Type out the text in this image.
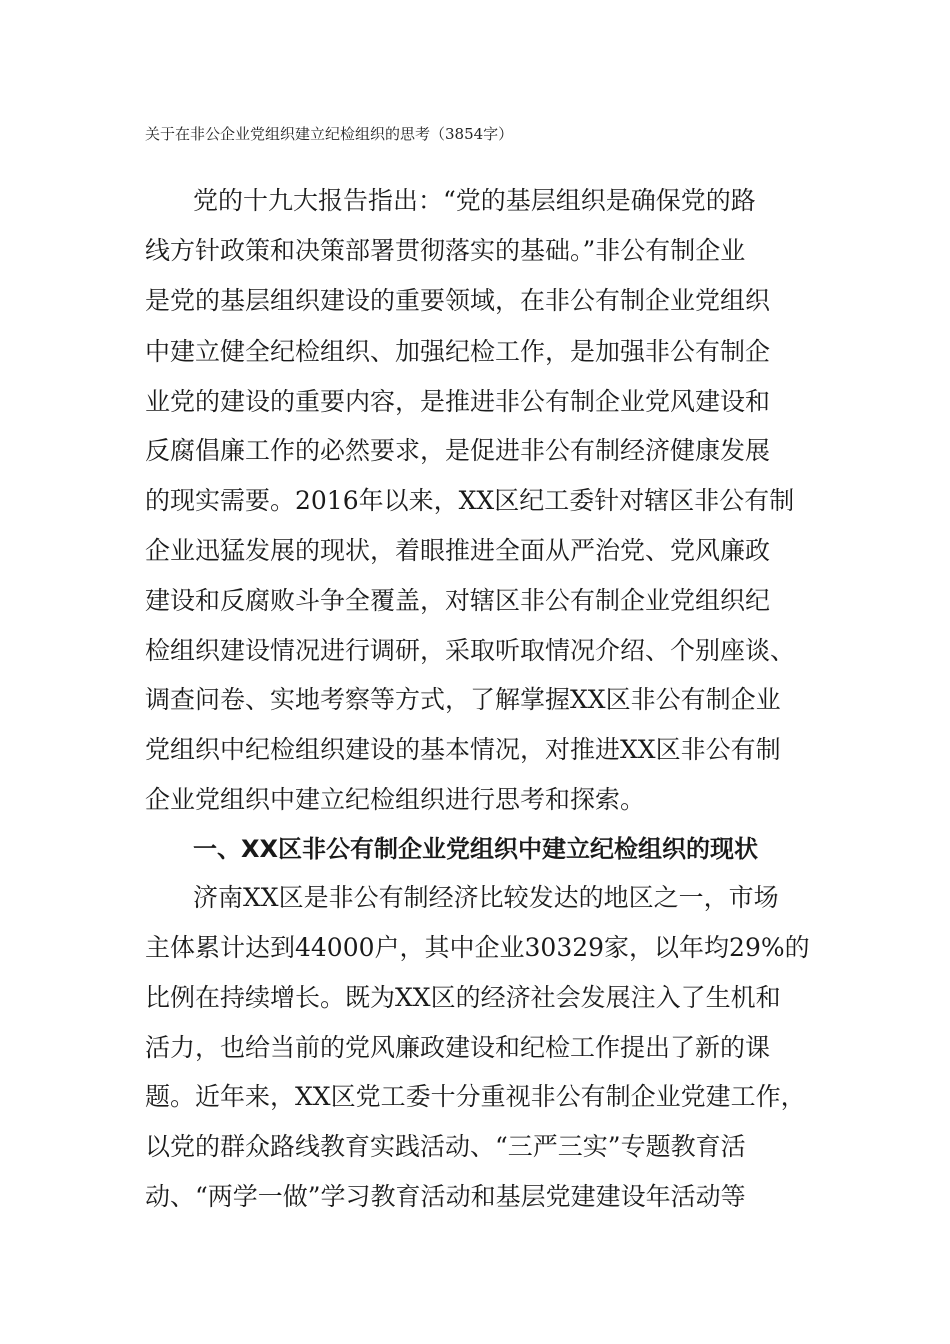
关于在非公企业党组织建立纪检组织的思考（3854字）
党的十九大报告指出：“党的基层组织是确保党的路
线方针政策和决策部署贯彻落实的基础。”非公有制企业
是党的基层组织建设的重要领域，在非公有制企业党组织
中建立健全纪检组织、加强纪检工作，是加强非公有制企
业党的建设的重要内容，是推进非公有制企业党风建设和
反腐倡廉工作的必然要求，是促进非公有制经济健康发展
的现实需要。2016年以来，XX区纪工委针对辖区非公有制
企业迅猛发展的现状，着眼推进全面从严治党、党风廉政
建设和反腐败斗争全覆盖，对辖区非公有制企业党组织纪
检组织建设情况进行调研，采取听取情况介绍、个别座谈、
调查问卷、实地考察等方式，了解掌握XX区非公有制企业
党组织中纪检组织建设的基本情况，对推进XX区非公有制
企业党组织中建立纪检组织进行思考和探索。
一、XX区非公有制企业党组织中建立纪检组织的现状
济南XX区是非公有制经济比较发达的地区之一，市场
主体累计达到44000户，其中企业30329家，以年均29%的
比例在持续增长。既为XX区的经济社会发展注入了生机和
活力，也给当前的党风廉政建设和纪检工作提出了新的课
题。近年来，XX区党工委十分重视非公有制企业党建工作，
以党的群众路线教育实践活动、“三严三实”专题教育活
动、“两学一做”学习教育活动和基层党建建设年活动等
